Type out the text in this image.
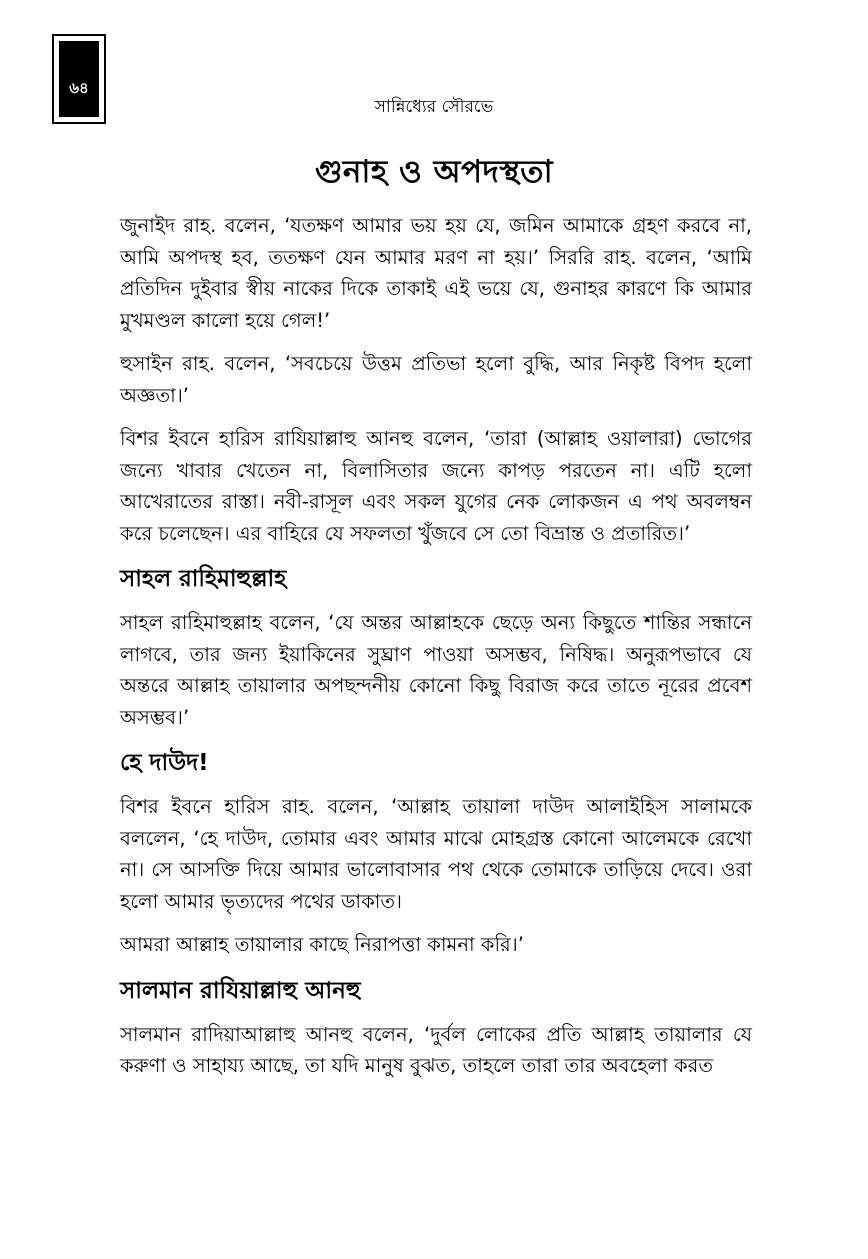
৬৪
সান্নিধ্যের সৌরভে
গুনাহ ও অপদস্থতা

জুনাইদ রাহ. বলেন, ‘যতক্ষণ আমার ভয় হয় যে, জমিন আমাকে গ্রহণ করবে না, আমি অপদস্থ হব, ততক্ষণ যেন আমার মরণ না হয়।’ সিররি রাহ. বলেন, ‘আমি প্রতিদিন দুইবার স্বীয় নাকের দিকে তাকাই এই ভয়ে যে, গুনাহর কারণে কি আমার মুখমণ্ডল কালো হয়ে গেল!’

হুসাইন রাহ. বলেন, ‘সবচেয়ে উত্তম প্রতিভা হলো বুদ্ধি, আর নিকৃষ্ট বিপদ হলো অজ্ঞতা।’

বিশর ইবনে হারিস রাযিয়াল্লাহু আনহু বলেন, ‘তারা (আল্লাহ ওয়ালারা) ভোগের জন্যে খাবার খেতেন না, বিলাসিতার জন্যে কাপড় পরতেন না। এটি হলো আখেরাতের রাস্তা। নবী-রাসূল এবং সকল যুগের নেক লোকজন এ পথ অবলম্বন করে চলেছেন। এর বাহিরে যে সফলতা খুঁজবে সে তো বিভ্রান্ত ও প্রতারিত।’

সাহল রাহিমাহুল্লাহ

সাহল রাহিমাহুল্লাহ বলেন, ‘যে অন্তর আল্লাহকে ছেড়ে অন্য কিছুতে শান্তির সন্ধানে লাগবে, তার জন্য ইয়াকিনের সুঘ্রাণ পাওয়া অসম্ভব, নিষিদ্ধ। অনুরূপভাবে যে অন্তরে আল্লাহ তায়ালার অপছন্দনীয় কোনো কিছু বিরাজ করে তাতে নূরের প্রবেশ অসম্ভব।’

হে দাউদ!

বিশর ইবনে হারিস রাহ. বলেন, ‘আল্লাহ তায়ালা দাউদ আলাইহিস সালামকে বললেন, ‘হে দাউদ, তোমার এবং আমার মাঝে মোহগ্রস্ত কোনো আলেমকে রেখো না। সে আসক্তি দিয়ে আমার ভালোবাসার পথ থেকে তোমাকে তাড়িয়ে দেবে। ওরা হলো আমার ভৃত্যদের পথের ডাকাত।

আমরা আল্লাহ তায়ালার কাছে নিরাপত্তা কামনা করি।’

সালমান রাযিয়াল্লাহু আনহু

সালমান রাদিয়াআল্লাহু আনহু বলেন, ‘দুর্বল লোকের প্রতি আল্লাহ তায়ালার যে করুণা ও সাহায্য আছে, তা যদি মানুষ বুঝত, তাহলে তারা তার অবহেলা করত
